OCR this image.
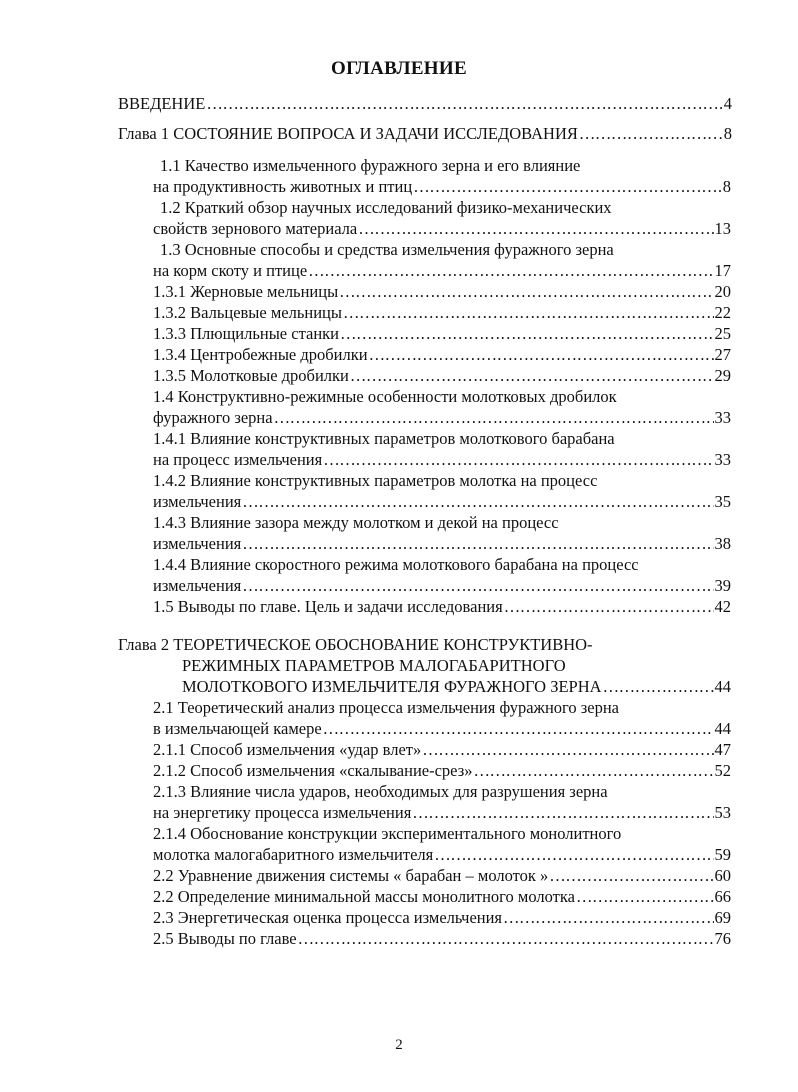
ОГЛАВЛЕНИЕ
ВВЕДЕНИЕ ……………………………………………………………………………………………………………………………………………………………………………………	4
Глава 1 СОСТОЯНИЕ ВОПРОСА И ЗАДАЧИ ИССЛЕДОВАНИЯ ……………………………………………………………………………………………………………………………………………………………………………………	8
1.1 Качество измельченного фуражного зерна и его влияние
на продуктивность животных и птиц ……………………………………………………………………………………………………………………………………………………………………………………	8
1.2 Краткий обзор научных исследований физико-механических
свойств зернового материала ……………………………………………………………………………………………………………………………………………………………………………………	13
1.3 Основные способы и средства измельчения фуражного зерна
на корм скоту и птице ……………………………………………………………………………………………………………………………………………………………………………………	17
1.3.1 Жерновые мельницы ……………………………………………………………………………………………………………………………………………………………………………………	20
1.3.2 Вальцевые мельницы ……………………………………………………………………………………………………………………………………………………………………………………	22
1.3.3 Плющильные станки ……………………………………………………………………………………………………………………………………………………………………………………	25
1.3.4 Центробежные дробилки ……………………………………………………………………………………………………………………………………………………………………………………	27
1.3.5 Молотковые дробилки ……………………………………………………………………………………………………………………………………………………………………………………	29
1.4 Конструктивно-режимные особенности молотковых дробилок
фуражного зерна ……………………………………………………………………………………………………………………………………………………………………………………	33
1.4.1 Влияние конструктивных параметров молоткового барабана
на процесс измельчения ……………………………………………………………………………………………………………………………………………………………………………………	33
1.4.2 Влияние конструктивных параметров молотка на процесс
измельчения ……………………………………………………………………………………………………………………………………………………………………………………	35
1.4.3 Влияние зазора между молотком и декой на процесс
измельчения ……………………………………………………………………………………………………………………………………………………………………………………	38
1.4.4 Влияние скоростного режима молоткового барабана на процесс
измельчения ……………………………………………………………………………………………………………………………………………………………………………………	39
1.5 Выводы по главе. Цель и задачи исследования ……………………………………………………………………………………………………………………………………………………………………………………	42
Глава 2 ТЕОРЕТИЧЕСКОЕ ОБОСНОВАНИЕ КОНСТРУКТИВНО-
РЕЖИМНЫХ ПАРАМЕТРОВ МАЛОГАБАРИТНОГО
МОЛОТКОВОГО ИЗМЕЛЬЧИТЕЛЯ ФУРАЖНОГО ЗЕРНА ……………………………………………………………………………………………………………………………………………………………………………………	44
2.1 Теоретический анализ процесса измельчения фуражного зерна
в измельчающей камере ……………………………………………………………………………………………………………………………………………………………………………………	44
2.1.1 Способ измельчения «удар влет» ……………………………………………………………………………………………………………………………………………………………………………………	47
2.1.2 Способ измельчения «скалывание-срез» ……………………………………………………………………………………………………………………………………………………………………………………	52
2.1.3 Влияние числа ударов, необходимых для разрушения зерна
на энергетику процесса измельчения ……………………………………………………………………………………………………………………………………………………………………………………	53
2.1.4 Обоснование конструкции экспериментального монолитного
молотка малогабаритного измельчителя ……………………………………………………………………………………………………………………………………………………………………………………	59
2.2 Уравнение движения системы « барабан – молоток » ……………………………………………………………………………………………………………………………………………………………………………………	60
2.2 Определение минимальной массы монолитного молотка ……………………………………………………………………………………………………………………………………………………………………………………	66
2.3 Энергетическая оценка процесса измельчения ……………………………………………………………………………………………………………………………………………………………………………………	69
2.5 Выводы по главе ……………………………………………………………………………………………………………………………………………………………………………………	76
2
